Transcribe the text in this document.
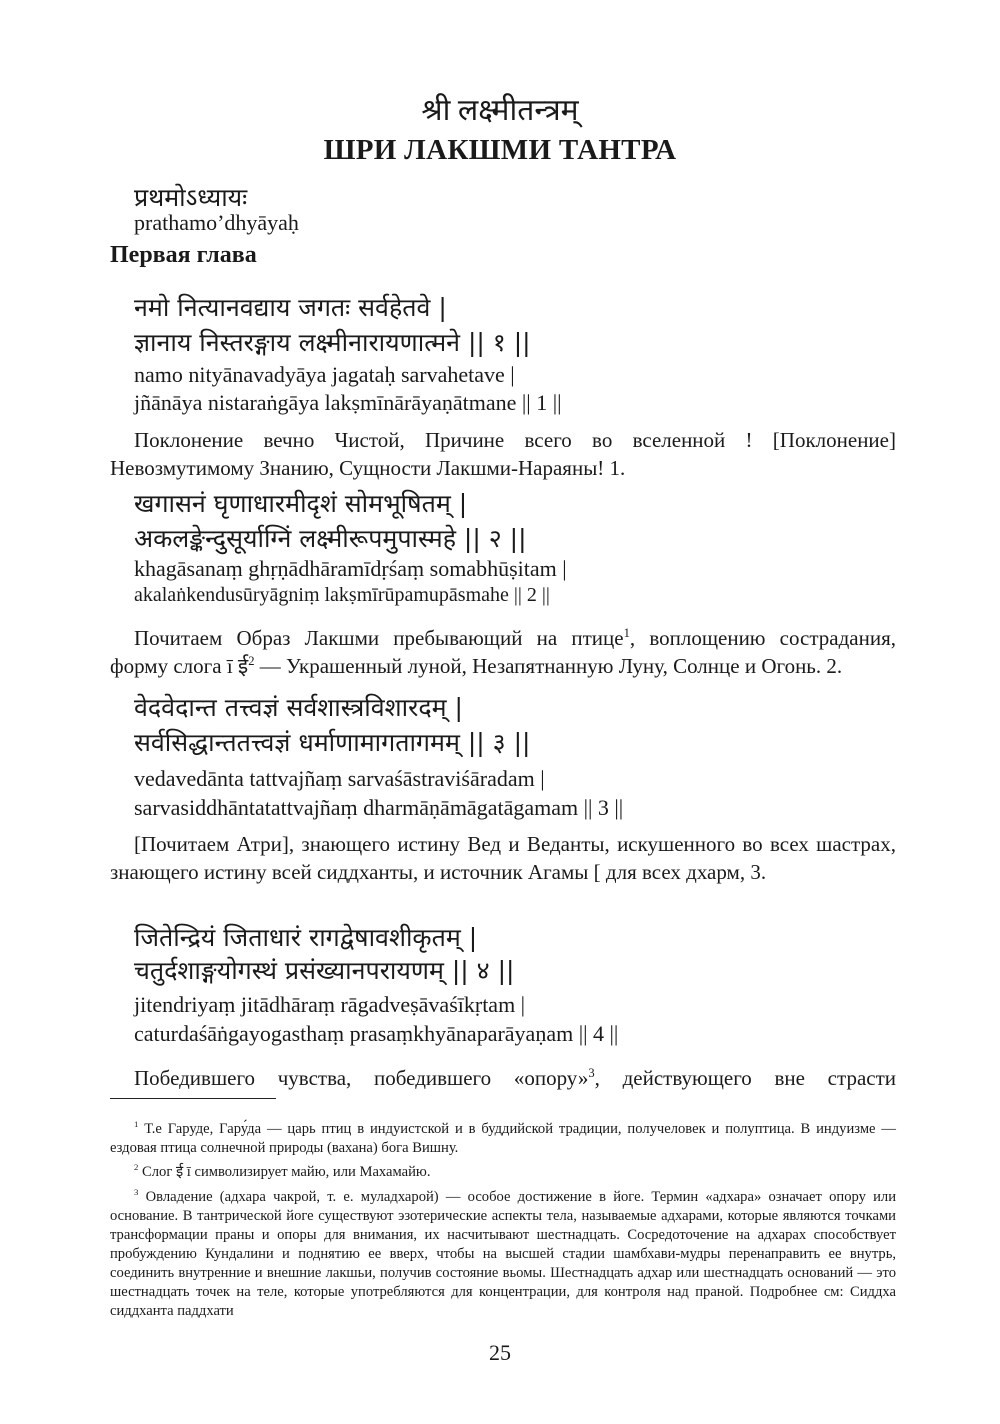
श्री लक्ष्मीतन्त्रम्
ШРИ ЛАКШМИ ТАНТРА
प्रथमोऽध्यायः
prathamo’dhyāyaḥ
Первая глава
नमो नित्यानवद्याय जगतः सर्वहेतवे |
ज्ञानाय निस्तरङ्गाय लक्ष्मीनारायणात्मने || १ ||
namo nityānavadyāya jagataḥ sarvahetave |
jñānāya nistaraṅgāya lakṣmīnārāyaṇātmane || 1 ||
Поклонение вечно Чистой, Причине всего во вселенной ! [Поклонение] Невозмутимому Знанию, Сущности Лакшми-Нараяны! 1.
खगासनं घृणाधारमीदृशं सोमभूषितम् |
अकलङ्केन्दुसूर्याग्निं लक्ष्मीरूपमुपास्महे || २ ||
khagāsanaṃ ghṛṇādhāramīdṛśaṃ somabhūṣitam |
akalaṅkendusūryāgniṃ lakṣmīrūpamupāsmahe || 2 ||
Почитаем Образ Лакшми пребывающий на птице$^1$, воплощению сострадания, форму слога ī ई$^2$ — Украшенный луной, Незапятнанную Луну, Солнце и Огонь. 2.
वेदवेदान्त तत्त्वज्ञं सर्वशास्त्रविशारदम् |
सर्वसिद्धान्ततत्त्वज्ञं धर्माणामागतागमम् || ३ ||
vedavedānta tattvajñaṃ sarvaśāstraviśāradam |
sarvasiddhāntatattvajñaṃ dharmāṇāmāgatāgamam || 3 ||
[Почитаем Атри], знающего истину Вед и Веданты, искушенного во всех шастрах, знающего истину всей сиддханты, и источник Агамы [ для всех дхарм, 3.
जितेन्द्रियं जिताधारं रागद्वेषावशीकृतम् |
चतुर्दशाङ्गयोगस्थं प्रसंख्यानपरायणम् || ४ ||
jitendriyaṃ jitādhāraṃ rāgadveṣāvaśīkṛtam |
caturdaśāṅgayogasthaṃ prasaṃkhyānaparāyaṇam || 4 ||
Победившего чувства, победившего «опору»$^3$, действующего вне страсти
$^1$ Т.е Гаруде, Гару́да — царь птиц в индуистской и в буддийской традиции, получеловек и полуптица. В индуизме — ездовая птица солнечной природы (вахана) бога Вишну.
$^2$ Слог ई ī символизирует майю, или Махамайю.
$^3$ Овладение (адхара чакрой, т. е. муладхарой) — особое достижение в йоге. Термин «адхара» означает опору или основание. В тантрической йоге существуют эзотерические аспекты тела, называемые адхарами, которые являются точками трансформации праны и опоры для внимания, их насчитывают шестнадцать. Сосредоточение на адхарах способствует пробуждению Кундалини и поднятию ее вверх, чтобы на высшей стадии шамбхави-мудры перенаправить ее внутрь, соединить внутренние и внешние лакшьи, получив состояние вьомы. Шестнадцать адхар или шестнадцать оснований — это шестнадцать точек на теле, которые употребляются для концентрации, для контроля над праной. Подробнее см: Сиддха сиддханта паддхати
25
